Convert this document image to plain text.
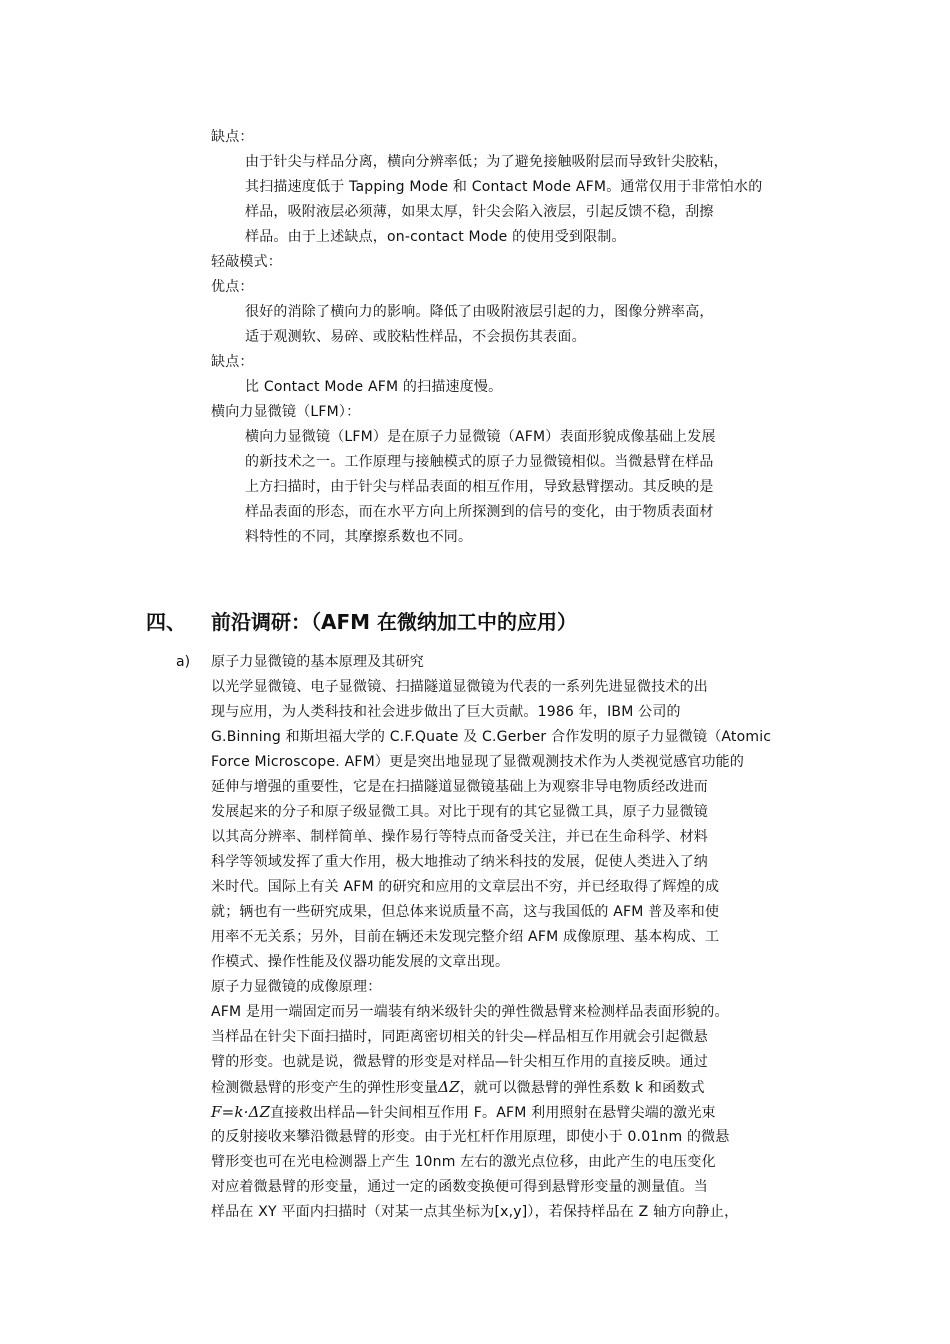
缺点：
由于针尖与样品分离，横向分辨率低；为了避免接触吸附层而导致针尖胶粘，
其扫描速度低于 Tapping Mode 和 Contact Mode AFM。通常仅用于非常怕水的
样品，吸附液层必须薄，如果太厚，针尖会陷入液层，引起反馈不稳，刮擦
样品。由于上述缺点，on-contact Mode 的使用受到限制。
轻敲模式：
优点：
很好的消除了横向力的影响。降低了由吸附液层引起的力，图像分辨率高，
适于观测软、易碎、或胶粘性样品，不会损伤其表面。
缺点：
比 Contact Mode AFM 的扫描速度慢。
横向力显微镜（LFM）：
横向力显微镜（LFM）是在原子力显微镜（AFM）表面形貌成像基础上发展
的新技术之一。工作原理与接触模式的原子力显微镜相似。当微悬臂在样品
上方扫描时，由于针尖与样品表面的相互作用，导致悬臂摆动。其反映的是
样品表面的形态，而在水平方向上所探测到的信号的变化，由于物质表面材
料特性的不同，其摩擦系数也不同。
四、 前沿调研：（AFM 在微纳加工中的应用）
a) 原子力显微镜的基本原理及其研究
以光学显微镜、电子显微镜、扫描隧道显微镜为代表的一系列先进显微技术的出
现与应用，为人类科技和社会进步做出了巨大贡献。1986 年，IBM 公司的
G.Binning 和斯坦福大学的 C.F.Quate 及 C.Gerber 合作发明的原子力显微镜（Atomic
Force Microscope. AFM）更是突出地显现了显微观测技术作为人类视觉感官功能的
延伸与增强的重要性，它是在扫描隧道显微镜基础上为观察非导电物质经改进而
发展起来的分子和原子级显微工具。对比于现有的其它显微工具，原子力显微镜
以其高分辨率、制样简单、操作易行等特点而备受关注，并已在生命科学、材料
科学等领域发挥了重大作用，极大地推动了纳米科技的发展，促使人类进入了纳
米时代。国际上有关 AFM 的研究和应用的文章层出不穷，并已经取得了辉煌的成
就；辆也有一些研究成果，但总体来说质量不高，这与我国低的 AFM 普及率和使
用率不无关系；另外，目前在辆还未发现完整介绍 AFM 成像原理、基本构成、工
作模式、操作性能及仪器功能发展的文章出现。
原子力显微镜的成像原理：
AFM 是用一端固定而另一端装有纳米级针尖的弹性微悬臂来检测样品表面形貌的。
当样品在针尖下面扫描时，同距离密切相关的针尖—样品相互作用就会引起微悬
臂的形变。也就是说，微悬臂的形变是对样品—针尖相互作用的直接反映。通过
检测微悬臂的形变产生的弹性形变量ΔZ，就可以微悬臂的弹性系数 k 和函数式
F=k·ΔZ直接救出样品—针尖间相互作用 F。AFM 利用照射在悬臂尖端的激光束
的反射接收来攀沿微悬臂的形变。由于光杠杆作用原理，即使小于 0.01nm 的微悬
臂形变也可在光电检测器上产生 10nm 左右的激光点位移，由此产生的电压变化
对应着微悬臂的形变量，通过一定的函数变换便可得到悬臂形变量的测量值。当
样品在 XY 平面内扫描时（对某一点其坐标为[x,y]），若保持样品在 Z 轴方向静止，
